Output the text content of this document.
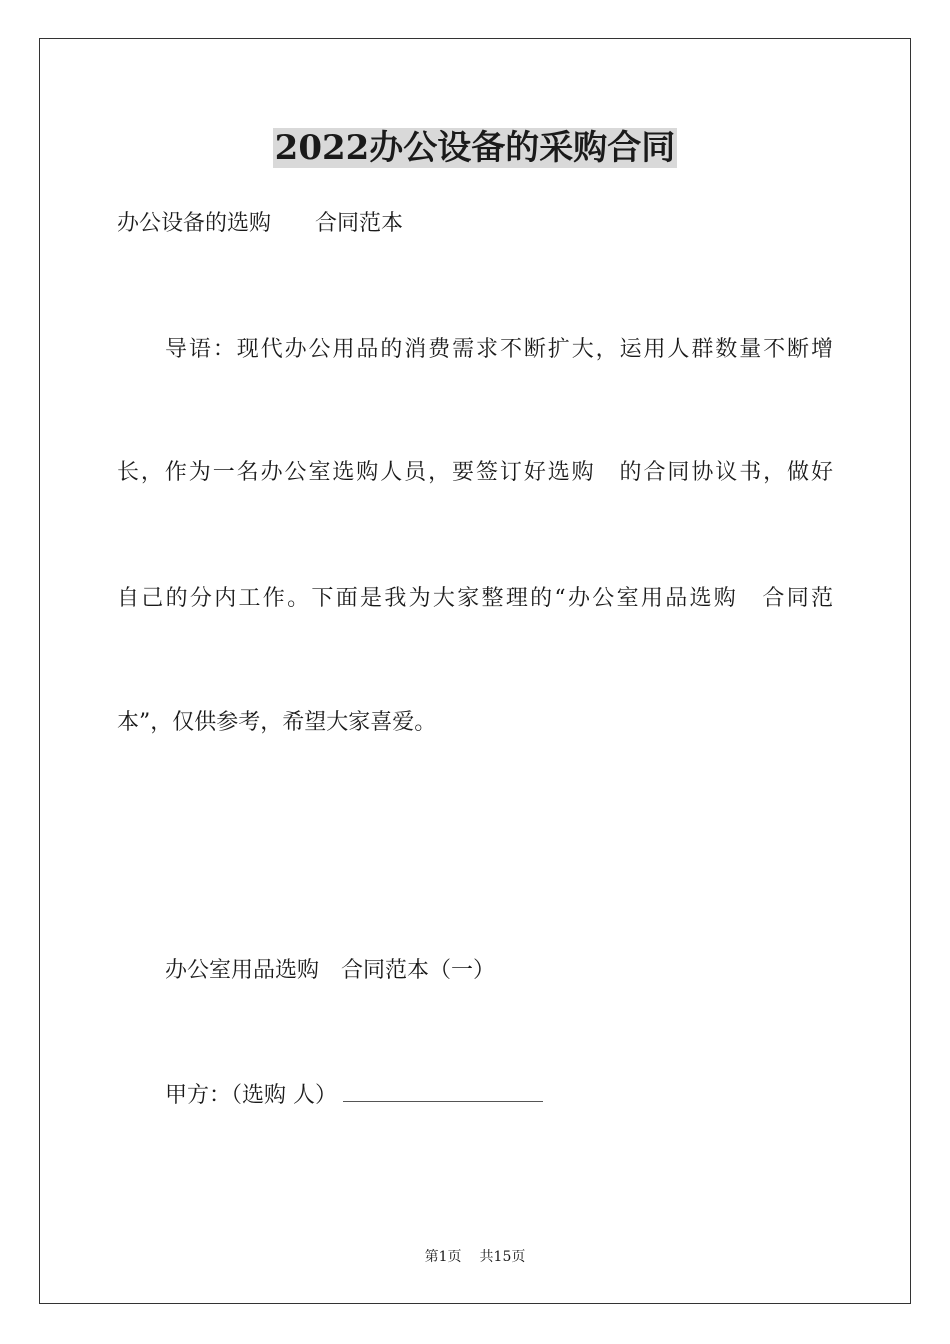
2022办公设备的采购合同
办公设备的选购　　合同范本
导语：现代办公用品的消费需求不断扩大，运用人群数量不断增
长，作为一名办公室选购人员，要签订好选购　的合同协议书，做好
自己的分内工作。下面是我为大家整理的“办公室用品选购　合同范
本”，仅供参考，希望大家喜爱。
办公室用品选购　合同范本（一）
甲方：（选购 人）
第1页 共15页
